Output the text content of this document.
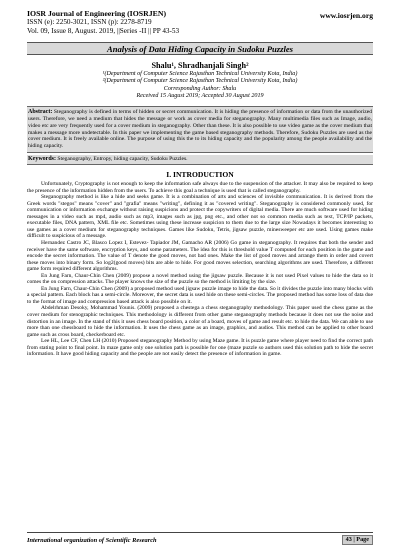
IOSR Journal of Engineering (IOSRJEN)
ISSN (e): 2250-3021, ISSN (p): 2278-8719
Vol. 09, Issue 8, August. 2019, ||Series -II || PP 43-53
www.iosrjen.org
Analysis of Data Hiding Capacity in Sudoku Puzzles
Shalu¹, Shradhanjali Singh²
¹(Department of Computer Science Rajasthan Technical University Kota, India)
²(Department of Computer Science Rajasthan Technical University Kota, India)
Corresponding Author: Shalu
Received 15 August 2019; Accepted 30 August 2019
Abstract: Steganography is defined in terms of hidden or secret communication. It is hiding the presence of information or data from the unauthorized users. Therefore, we need a medium that hides the message or work as cover media for steganography. Many multimedia files such as Image, audio, video etc are very frequently used for a cover medium in steganography. Other than these. It is also possible to use video game as the cover medium that makes a message more undetectable. In this paper we implementing the game based steganography methods. Therefore, Sudoku Puzzles are used as the cover medium. It is freely available online. The purpose of using this the to its hiding capacity and the popularity among the people availability and the hiding capacity.
Keywords: Steganography, Entropy, hiding capacity, Sudoku Puzzles.
I. INTRODUCTION

Unfortunately, Cryptography is not enough to keep the information safe always due to the suspension of the attacker. It may also be required to keep the presence of the information hidden from the users. To achieve this goal a technique is used that is called steganography.

Steganography method is like a hide and seeks game. It is a combination of arts and sciences of invisible communication. It is derived from the Greek words "stegos" means "cover" and "grafia" means "writing", defining it as "covered writing". Steganography is considered commonly used, for communication or information exchange without raising suspicions and protect the copywriters of digital media. There are much software used for hiding messages in a video such as mp4, audio such as mp3, images such as jpg, png etc., and other not so common media such as text, TCP/IP packets, executable files, DNA pattern, XML file etc. Sometimes using these increase suspicion to them due to the large size Nowadays it becomes interesting to use games as a cover medium for steganography techniques. Games like Sudoku, Tetris, jigsaw puzzle, minesweeper etc are used. Using games make difficult to suspicious of a message.

Hernandez Castro JC, Blasco Lopez I, Estevez- Tapiador JM, Gamacho AR (2006) Go game in steganography. It requires that both the sender and receiver have the same software, encryption keys, and some parameters. The idea for this is threshold value T computed for each position in the game and encode the secret information. The value of T denote the good moves, not bad ones. Make the list of good moves and arrange them in order and covert these moves into binary form. So log2(good moves) bits are able to hide. For good moves selection, searching algorithms are used. Therefore, a different game form required different algorithms.

En Jung Farn, Chaur-Chin Chen (2009) propose a novel method using the jigsaw puzzle. Because it is not used Pixel values to hide the data so it comes the on compression attacks. The player knows the size of the puzzle so the method is limiting by the size.

En Jung Farn, Chaur-Chin Chen (2009) a proposed method used jigsaw puzzle image to hide the data. So it divides the puzzle into many blocks with a special pattern. Each block has a semi-circle. Moreover, the secret data is used hide on these semi-circles. The proposed method has some loss of data due to the format of image and compression based attack is also possible on it.

Abdelrhman Desoky, Mohammad Younis. (2009) proposed a chestega a chess steganography methodology. This paper used the chess game as the cover medium for stenographic techniques. This methodology is different from other game steganography methods because it does not use the noise and distortion in an image. In the stand of this it uses chess board position, a color of a board, moves of game and result etc. to hide the data. We can able to use more than one chessboard to hide the information. It uses the chess game as an image, graphics, and audios. This method can be applied to other board game such as cross board, checkerboard etc.

Lee HL, Lee CF, Chen LH (2010) Proposed steganography Method by using Maze game. It is puzzle game where player need to find the correct path from stating point to final point. In maze game only one solution path is possible for one (maze puzzle so authors used this solution path to hide the secret information. It have good hiding capacity and the people are not easily detect the presence of information in game.

International organization of Scientific Research	43 | Page
